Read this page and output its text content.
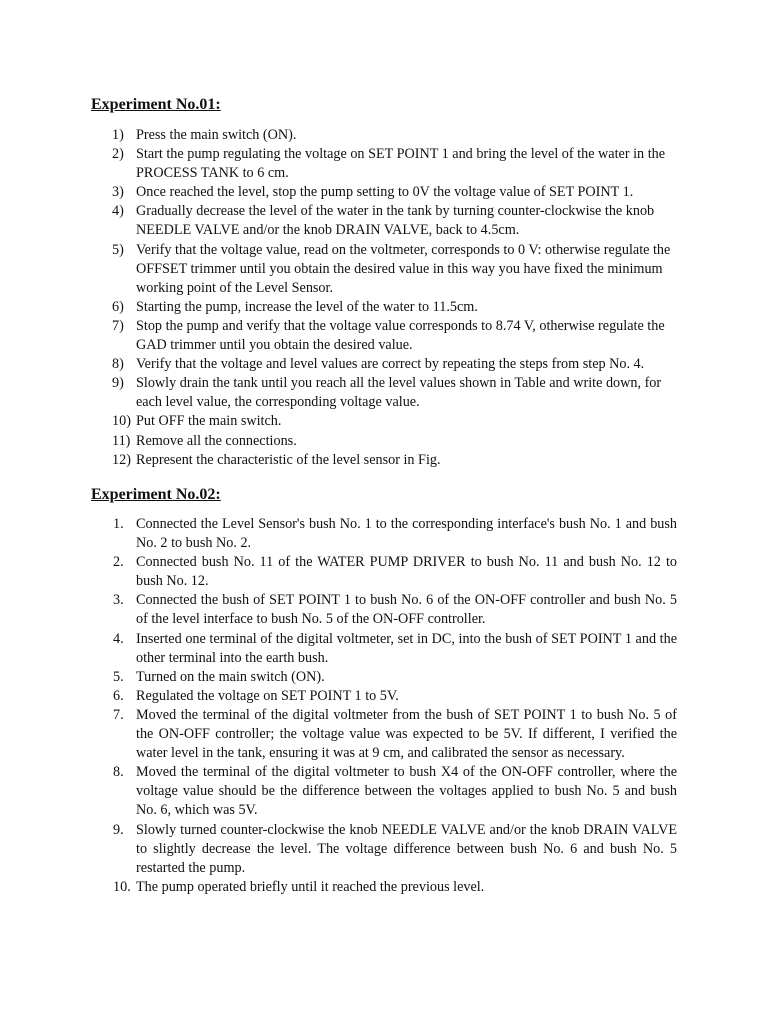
Experiment No.01:
1) Press the main switch (ON).
2) Start the pump regulating the voltage on SET POINT 1 and bring the level of the water in the PROCESS TANK to 6 cm.
3) Once reached the level, stop the pump setting to 0V the voltage value of SET POINT 1.
4) Gradually decrease the level of the water in the tank by turning counter-clockwise the knob NEEDLE VALVE and/or the knob DRAIN VALVE, back to 4.5cm.
5) Verify that the voltage value, read on the voltmeter, corresponds to 0 V: otherwise regulate the OFFSET trimmer until you obtain the desired value in this way you have fixed the minimum working point of the Level Sensor.
6) Starting the pump, increase the level of the water to 11.5cm.
7) Stop the pump and verify that the voltage value corresponds to 8.74 V, otherwise regulate the GAD trimmer until you obtain the desired value.
8) Verify that the voltage and level values are correct by repeating the steps from step No. 4.
9) Slowly drain the tank until you reach all the level values shown in Table and write down, for each level value, the corresponding voltage value.
10) Put OFF the main switch.
11) Remove all the connections.
12) Represent the characteristic of the level sensor in Fig.
Experiment No.02:
1. Connected the Level Sensor's bush No. 1 to the corresponding interface's bush No. 1 and bush No. 2 to bush No. 2.
2. Connected bush No. 11 of the WATER PUMP DRIVER to bush No. 11 and bush No. 12 to bush No. 12.
3. Connected the bush of SET POINT 1 to bush No. 6 of the ON-OFF controller and bush No. 5 of the level interface to bush No. 5 of the ON-OFF controller.
4. Inserted one terminal of the digital voltmeter, set in DC, into the bush of SET POINT 1 and the other terminal into the earth bush.
5. Turned on the main switch (ON).
6. Regulated the voltage on SET POINT 1 to 5V.
7. Moved the terminal of the digital voltmeter from the bush of SET POINT 1 to bush No. 5 of the ON-OFF controller; the voltage value was expected to be 5V. If different, I verified the water level in the tank, ensuring it was at 9 cm, and calibrated the sensor as necessary.
8. Moved the terminal of the digital voltmeter to bush X4 of the ON-OFF controller, where the voltage value should be the difference between the voltages applied to bush No. 5 and bush No. 6, which was 5V.
9. Slowly turned counter-clockwise the knob NEEDLE VALVE and/or the knob DRAIN VALVE to slightly decrease the level. The voltage difference between bush No. 6 and bush No. 5 restarted the pump.
10. The pump operated briefly until it reached the previous level.
